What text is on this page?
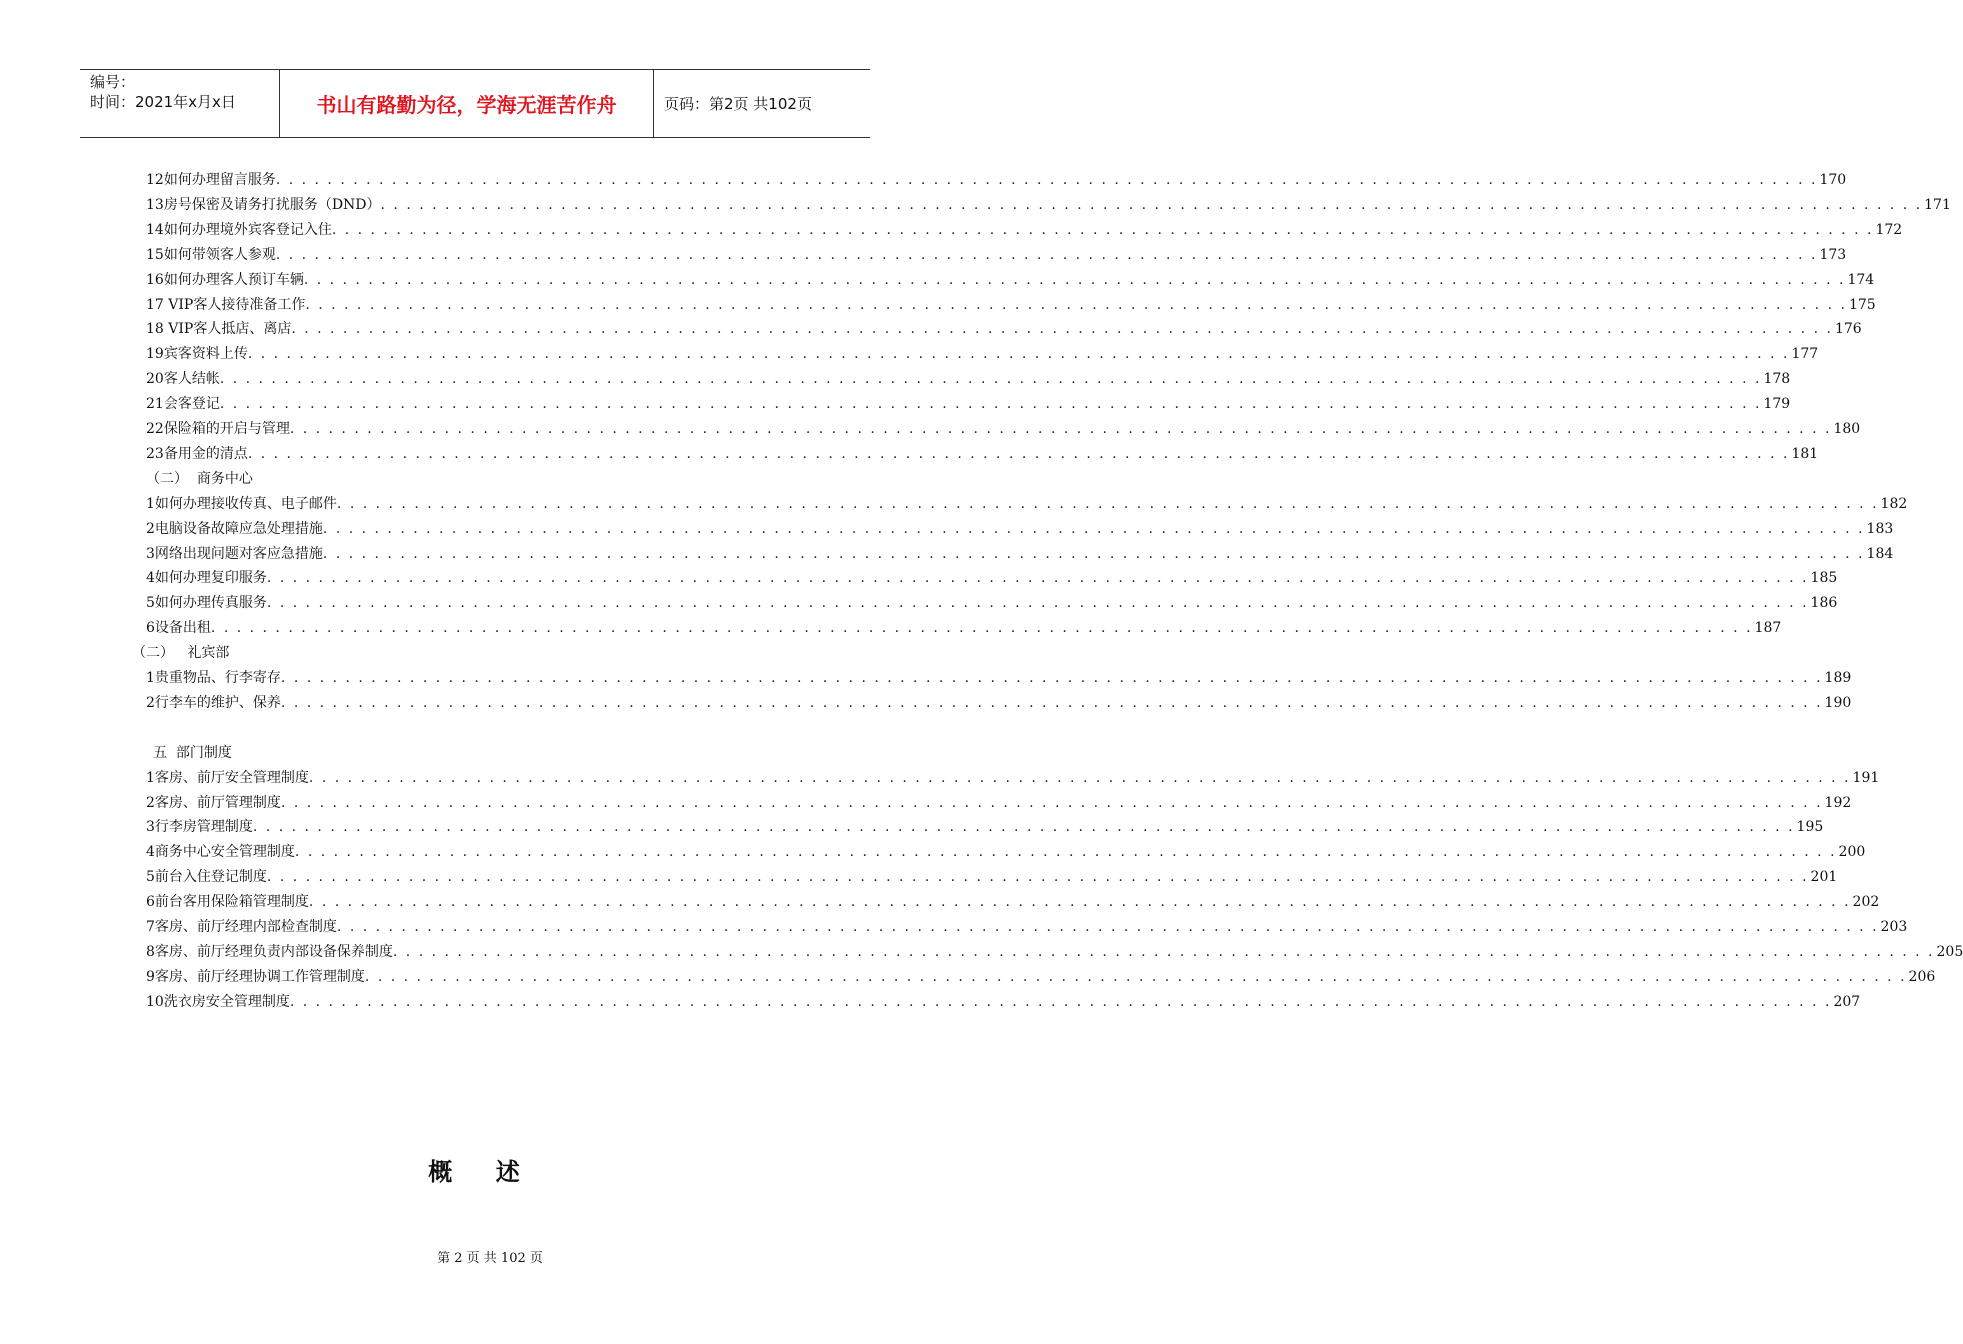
编号：
时间：2021年x月x日	书山有路勤为径，学海无涯苦作舟	页码：第2页 共102页
12如何办理留言服务 . . . . . . . . . . . . . . . . . . . . . . . . . . . . . . . . . . . . . . . . . . . . . . . . . . . . . . . . . . . . . . . . . . . . . . . . . . . . . . . . . . . . . . . . . . . . . . . . . . . . . . . . . . . . . . . . . . . . . . . . 170
13房号保密及请务打扰服务（DND） . . . . . . . . . . . . . . . . . . . . . . . . . . . . . . . . . . . . . . . . . . . . . . . . . . . . . . . . . . . . . . . . . . . . . . . . . . . . . . . . . . . . . . . . . . . . . . . . . . . . . . . . . . . . . . . . . . . . . . . . 171
14如何办理境外宾客登记入住 . . . . . . . . . . . . . . . . . . . . . . . . . . . . . . . . . . . . . . . . . . . . . . . . . . . . . . . . . . . . . . . . . . . . . . . . . . . . . . . . . . . . . . . . . . . . . . . . . . . . . . . . . . . . . . . . . . . . . . . . 172
15如何带领客人参观 . . . . . . . . . . . . . . . . . . . . . . . . . . . . . . . . . . . . . . . . . . . . . . . . . . . . . . . . . . . . . . . . . . . . . . . . . . . . . . . . . . . . . . . . . . . . . . . . . . . . . . . . . . . . . . . . . . . . . . . . 173
16如何办理客人预订车辆 . . . . . . . . . . . . . . . . . . . . . . . . . . . . . . . . . . . . . . . . . . . . . . . . . . . . . . . . . . . . . . . . . . . . . . . . . . . . . . . . . . . . . . . . . . . . . . . . . . . . . . . . . . . . . . . . . . . . . . . . 174
17 VIP客人接待准备工作 . . . . . . . . . . . . . . . . . . . . . . . . . . . . . . . . . . . . . . . . . . . . . . . . . . . . . . . . . . . . . . . . . . . . . . . . . . . . . . . . . . . . . . . . . . . . . . . . . . . . . . . . . . . . . . . . . . . . . . . . 175
18 VIP客人抵店、离店 . . . . . . . . . . . . . . . . . . . . . . . . . . . . . . . . . . . . . . . . . . . . . . . . . . . . . . . . . . . . . . . . . . . . . . . . . . . . . . . . . . . . . . . . . . . . . . . . . . . . . . . . . . . . . . . . . . . . . . . . 176
19宾客资料上传 . . . . . . . . . . . . . . . . . . . . . . . . . . . . . . . . . . . . . . . . . . . . . . . . . . . . . . . . . . . . . . . . . . . . . . . . . . . . . . . . . . . . . . . . . . . . . . . . . . . . . . . . . . . . . . . . . . . . . . . . 177
20客人结帐 . . . . . . . . . . . . . . . . . . . . . . . . . . . . . . . . . . . . . . . . . . . . . . . . . . . . . . . . . . . . . . . . . . . . . . . . . . . . . . . . . . . . . . . . . . . . . . . . . . . . . . . . . . . . . . . . . . . . . . . . 178
21会客登记 . . . . . . . . . . . . . . . . . . . . . . . . . . . . . . . . . . . . . . . . . . . . . . . . . . . . . . . . . . . . . . . . . . . . . . . . . . . . . . . . . . . . . . . . . . . . . . . . . . . . . . . . . . . . . . . . . . . . . . . . 179
22保险箱的开启与管理 . . . . . . . . . . . . . . . . . . . . . . . . . . . . . . . . . . . . . . . . . . . . . . . . . . . . . . . . . . . . . . . . . . . . . . . . . . . . . . . . . . . . . . . . . . . . . . . . . . . . . . . . . . . . . . . . . . . . . . . . 180
23备用金的清点 . . . . . . . . . . . . . . . . . . . . . . . . . . . . . . . . . . . . . . . . . . . . . . . . . . . . . . . . . . . . . . . . . . . . . . . . . . . . . . . . . . . . . . . . . . . . . . . . . . . . . . . . . . . . . . . . . . . . . . . . 181
1如何办理接收传真、电子邮件 . . . . . . . . . . . . . . . . . . . . . . . . . . . . . . . . . . . . . . . . . . . . . . . . . . . . . . . . . . . . . . . . . . . . . . . . . . . . . . . . . . . . . . . . . . . . . . . . . . . . . . . . . . . . . . . . . . . . . . . . 182
2电脑设备故障应急处理措施 . . . . . . . . . . . . . . . . . . . . . . . . . . . . . . . . . . . . . . . . . . . . . . . . . . . . . . . . . . . . . . . . . . . . . . . . . . . . . . . . . . . . . . . . . . . . . . . . . . . . . . . . . . . . . . . . . . . . . . . . 183
3网络出现问题对客应急措施 . . . . . . . . . . . . . . . . . . . . . . . . . . . . . . . . . . . . . . . . . . . . . . . . . . . . . . . . . . . . . . . . . . . . . . . . . . . . . . . . . . . . . . . . . . . . . . . . . . . . . . . . . . . . . . . . . . . . . . . . 184
4如何办理复印服务 . . . . . . . . . . . . . . . . . . . . . . . . . . . . . . . . . . . . . . . . . . . . . . . . . . . . . . . . . . . . . . . . . . . . . . . . . . . . . . . . . . . . . . . . . . . . . . . . . . . . . . . . . . . . . . . . . . . . . . . . 185
5如何办理传真服务 . . . . . . . . . . . . . . . . . . . . . . . . . . . . . . . . . . . . . . . . . . . . . . . . . . . . . . . . . . . . . . . . . . . . . . . . . . . . . . . . . . . . . . . . . . . . . . . . . . . . . . . . . . . . . . . . . . . . . . . . 186
6设备出租 . . . . . . . . . . . . . . . . . . . . . . . . . . . . . . . . . . . . . . . . . . . . . . . . . . . . . . . . . . . . . . . . . . . . . . . . . . . . . . . . . . . . . . . . . . . . . . . . . . . . . . . . . . . . . . . . . . . . . . . . 187
1贵重物品、行李寄存 . . . . . . . . . . . . . . . . . . . . . . . . . . . . . . . . . . . . . . . . . . . . . . . . . . . . . . . . . . . . . . . . . . . . . . . . . . . . . . . . . . . . . . . . . . . . . . . . . . . . . . . . . . . . . . . . . . . . . . . . 189
2行李车的维护、保养 . . . . . . . . . . . . . . . . . . . . . . . . . . . . . . . . . . . . . . . . . . . . . . . . . . . . . . . . . . . . . . . . . . . . . . . . . . . . . . . . . . . . . . . . . . . . . . . . . . . . . . . . . . . . . . . . . . . . . . . . 190
1客房、前厅安全管理制度 . . . . . . . . . . . . . . . . . . . . . . . . . . . . . . . . . . . . . . . . . . . . . . . . . . . . . . . . . . . . . . . . . . . . . . . . . . . . . . . . . . . . . . . . . . . . . . . . . . . . . . . . . . . . . . . . . . . . . . . . 191
2客房、前厅管理制度 . . . . . . . . . . . . . . . . . . . . . . . . . . . . . . . . . . . . . . . . . . . . . . . . . . . . . . . . . . . . . . . . . . . . . . . . . . . . . . . . . . . . . . . . . . . . . . . . . . . . . . . . . . . . . . . . . . . . . . . . 192
3行李房管理制度 . . . . . . . . . . . . . . . . . . . . . . . . . . . . . . . . . . . . . . . . . . . . . . . . . . . . . . . . . . . . . . . . . . . . . . . . . . . . . . . . . . . . . . . . . . . . . . . . . . . . . . . . . . . . . . . . . . . . . . . . 195
4商务中心安全管理制度 . . . . . . . . . . . . . . . . . . . . . . . . . . . . . . . . . . . . . . . . . . . . . . . . . . . . . . . . . . . . . . . . . . . . . . . . . . . . . . . . . . . . . . . . . . . . . . . . . . . . . . . . . . . . . . . . . . . . . . . . 200
5前台入住登记制度 . . . . . . . . . . . . . . . . . . . . . . . . . . . . . . . . . . . . . . . . . . . . . . . . . . . . . . . . . . . . . . . . . . . . . . . . . . . . . . . . . . . . . . . . . . . . . . . . . . . . . . . . . . . . . . . . . . . . . . . . 201
6前台客用保险箱管理制度 . . . . . . . . . . . . . . . . . . . . . . . . . . . . . . . . . . . . . . . . . . . . . . . . . . . . . . . . . . . . . . . . . . . . . . . . . . . . . . . . . . . . . . . . . . . . . . . . . . . . . . . . . . . . . . . . . . . . . . . . 202
7客房、前厅经理内部检查制度 . . . . . . . . . . . . . . . . . . . . . . . . . . . . . . . . . . . . . . . . . . . . . . . . . . . . . . . . . . . . . . . . . . . . . . . . . . . . . . . . . . . . . . . . . . . . . . . . . . . . . . . . . . . . . . . . . . . . . . . . 203
8客房、前厅经理负责内部设备保养制度 . . . . . . . . . . . . . . . . . . . . . . . . . . . . . . . . . . . . . . . . . . . . . . . . . . . . . . . . . . . . . . . . . . . . . . . . . . . . . . . . . . . . . . . . . . . . . . . . . . . . . . . . . . . . . . . . . . . . . . . . 205
9客房、前厅经理协调工作管理制度 . . . . . . . . . . . . . . . . . . . . . . . . . . . . . . . . . . . . . . . . . . . . . . . . . . . . . . . . . . . . . . . . . . . . . . . . . . . . . . . . . . . . . . . . . . . . . . . . . . . . . . . . . . . . . . . . . . . . . . . . 206
10洗衣房安全管理制度 . . . . . . . . . . . . . . . . . . . . . . . . . . . . . . . . . . . . . . . . . . . . . . . . . . . . . . . . . . . . . . . . . . . . . . . . . . . . . . . . . . . . . . . . . . . . . . . . . . . . . . . . . . . . . . . . . . . . . . . . 207
（二）  商务中心
（二）   礼宾部
五  部门制度
概    述
第 2 页 共 102 页
